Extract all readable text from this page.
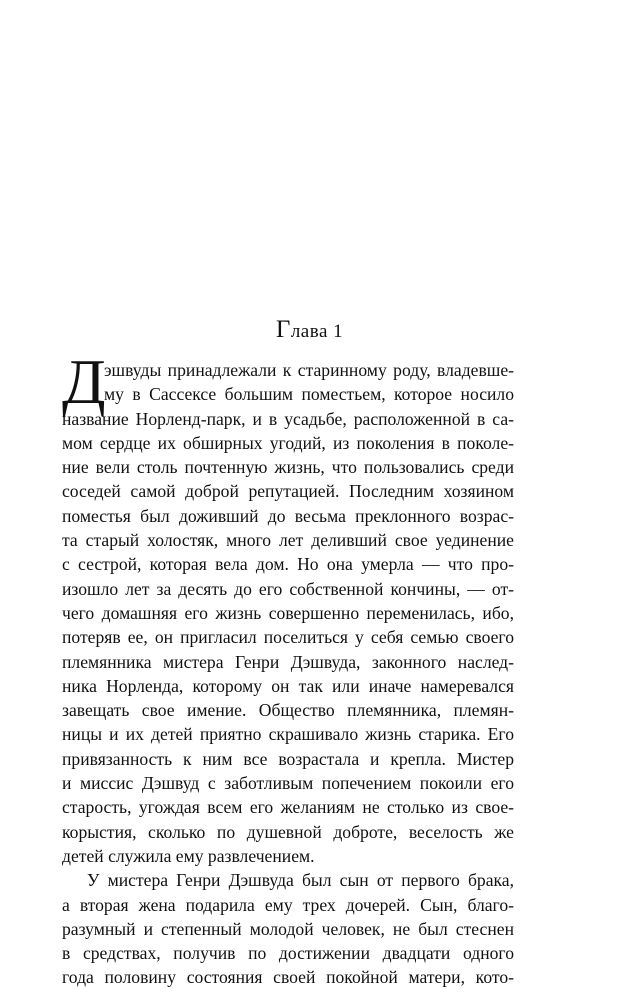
Глава 1
Д
эшвуды принадлежали к старинному роду, владевше-
му в Сассексе большим поместьем, которое носило
название Норленд-парк, и в усадьбе, расположенной в са-
мом сердце их обширных угодий, из поколения в поколе-
ние вели столь почтенную жизнь, что пользовались среди
соседей самой доброй репутацией. Последним хозяином
поместья был доживший до весьма преклонного возрас-
та старый холостяк, много лет деливший свое уединение
с сестрой, которая вела дом. Но она умерла — что про-
изошло лет за десять до его собственной кончины, — от-
чего домашняя его жизнь совершенно переменилась, ибо,
потеряв ее, он пригласил поселиться у себя семью своего
племянника мистера Генри Дэшвуда, законного наслед-
ника Норленда, которому он так или иначе намеревался
завещать свое имение. Общество племянника, племян-
ницы и их детей приятно скрашивало жизнь старика. Его
привязанность к ним все возрастала и крепла. Мистер
и миссис Дэшвуд с заботливым попечением покоили его
старость, угождая всем его желаниям не столько из свое-
корыстия, сколько по душевной доброте, веселость же
детей служила ему развлечением.
У мистера Генри Дэшвуда был сын от первого брака,
а вторая жена подарила ему трех дочерей. Сын, благо-
разумный и степенный молодой человек, не был стеснен
в средствах, получив по достижении двадцати одного
года половину состояния своей покойной матери, кото-
